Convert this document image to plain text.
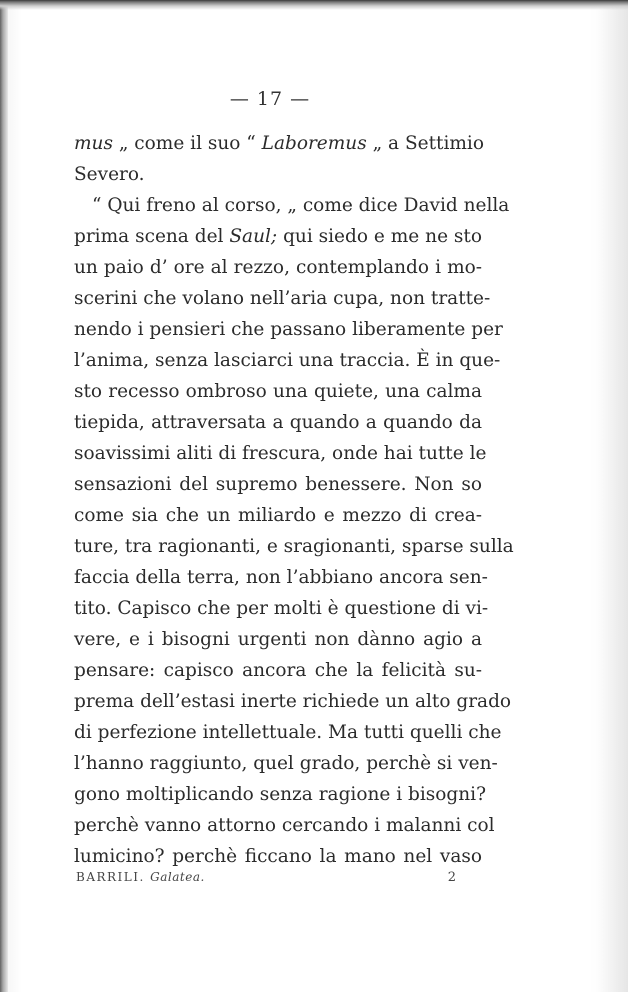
— 17 —
mus „ come il suo “ Laboremus „ a Settimio
Severo.
“ Qui freno al corso, „ come dice David nella
prima scena del Saul; qui siedo e me ne sto
un paio d’ ore al rezzo, contemplando i mo-
scerini che volano nell’aria cupa, non tratte-
nendo i pensieri che passano liberamente per
l’anima, senza lasciarci una traccia. È in que-
sto recesso ombroso una quiete, una calma
tiepida, attraversata a quando a quando da
soavissimi aliti di frescura, onde hai tutte le
sensazioni del supremo benessere. Non so
come sia che un miliardo e mezzo di crea-
ture, tra ragionanti, e sragionanti, sparse sulla
faccia della terra, non l’abbiano ancora sen-
tito. Capisco che per molti è questione di vi-
vere, e i bisogni urgenti non dànno agio a
pensare: capisco ancora che la felicità su-
prema dell’estasi inerte richiede un alto grado
di perfezione intellettuale. Ma tutti quelli che
l’hanno raggiunto, quel grado, perchè si ven-
gono moltiplicando senza ragione i bisogni?
perchè vanno attorno cercando i malanni col
lumicino? perchè ficcano la mano nel vaso
BARRILI. Galatea.	2
